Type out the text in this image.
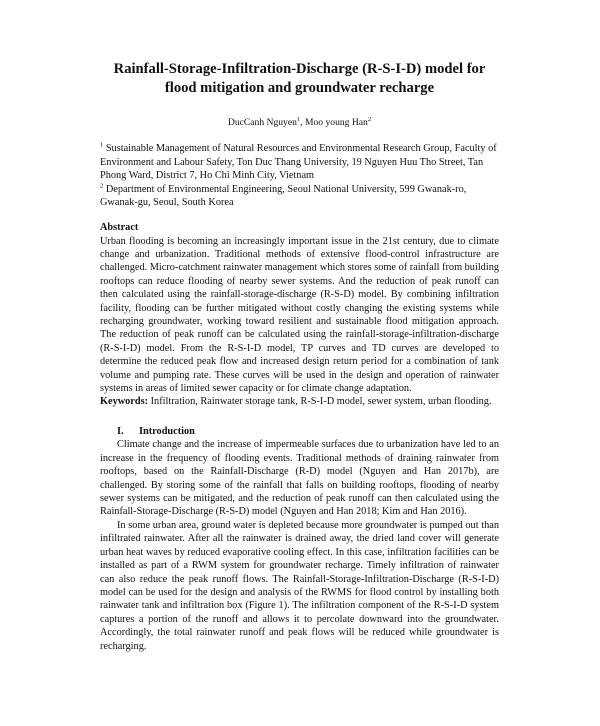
Rainfall-Storage-Infiltration-Discharge (R-S-I-D) model for
flood mitigation and groundwater recharge
DucCanh Nguyen$^1$, Moo young Han$^2$

$^1$ Sustainable Management of Natural Resources and Environmental Research Group, Faculty of Environment and Labour Safety, Ton Duc Thang University, 19 Nguyen Huu Tho Street, Tan Phong Ward, District 7, Ho Chi Minh City, Vietnam

$^2$ Department of Environmental Engineering, Seoul National University, 599 Gwanak-ro, Gwanak-gu, Seoul, South Korea

Abstract

Urban flooding is becoming an increasingly important issue in the 21st century, due to climate change and urbanization. Traditional methods of extensive flood-control infrastructure are challenged. Micro-catchment rainwater management which stores some of rainfall from building rooftops can reduce flooding of nearby sewer systems. And the reduction of peak runoff can then calculated using the rainfall-storage-discharge (R-S-D) model. By combining infiltration facility, flooding can be further mitigated without costly changing the existing systems while recharging groundwater, working toward resilient and sustainable flood mitigation approach. The reduction of peak runoff can be calculated using the rainfall-storage-infiltration-discharge (R-S-I-D) model. From the R-S-I-D model, TP curves and TD curves are developed to determine the reduced peak flow and increased design return period for a combination of tank volume and pumping rate. These curves will be used in the design and operation of rainwater systems in areas of limited sewer capacity or for climate change adaptation.

Keywords: Infiltration, Rainwater storage tank, R-S-I-D model, sewer system, urban flooding.

I. Introduction

Climate change and the increase of impermeable surfaces due to urbanization have led to an increase in the frequency of flooding events. Traditional methods of draining rainwater from rooftops, based on the Rainfall-Discharge (R-D) model (Nguyen and Han 2017b), are challenged. By storing some of the rainfall that falls on building rooftops, flooding of nearby sewer systems can be mitigated, and the reduction of peak runoff can then calculated using the Rainfall-Storage-Discharge (R-S-D) model (Nguyen and Han 2018; Kim and Han 2016).

In some urban area, ground water is depleted because more groundwater is pumped out than infiltrated rainwater. After all the rainwater is drained away, the dried land cover will generate urban heat waves by reduced evaporative cooling effect. In this case, infiltration facilities can be installed as part of a RWM system for groundwater recharge. Timely infiltration of rainwater can also reduce the peak runoff flows. The Rainfall-Storage-Infiltration-Discharge (R-S-I-D) model can be used for the design and analysis of the RWMS for flood control by installing both rainwater tank and infiltration box (Figure 1). The infiltration component of the R-S-I-D system captures a portion of the runoff and allows it to percolate downward into the groundwater. Accordingly, the total rainwater runoff and peak flows will be reduced while groundwater is recharging.
